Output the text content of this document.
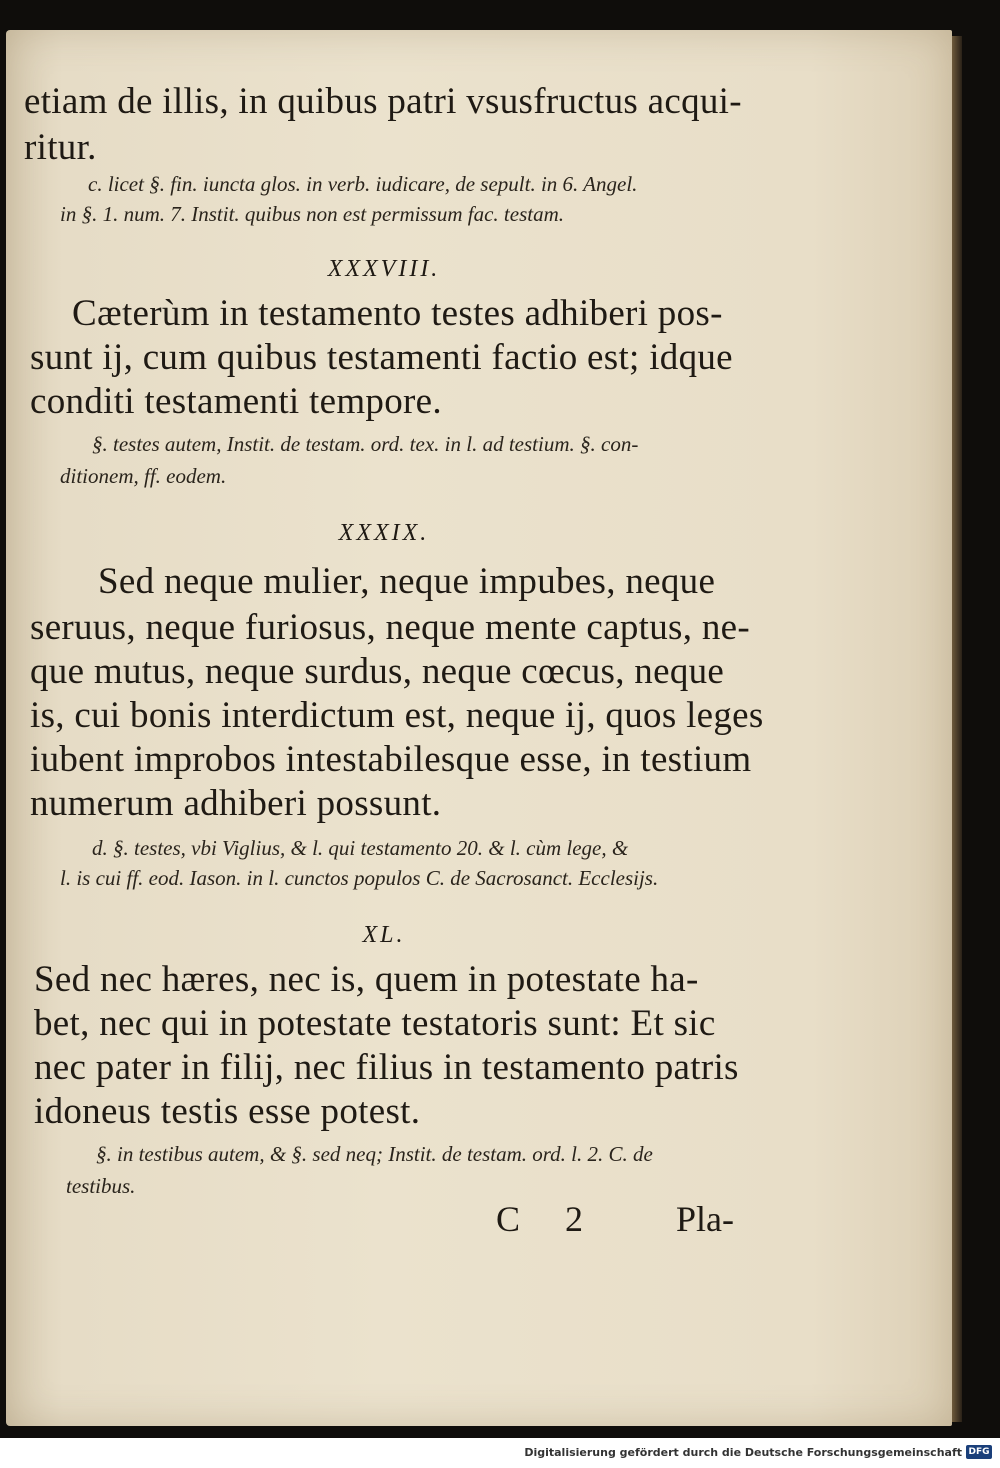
etiam de illis, in quibus patri vsusfructus acqui-

ritur.

c. licet §. fin. iuncta glos. in verb. iudicare, de sepult. in 6. Angel.

in §. 1. num. 7. Instit. quibus non est permissum fac. testam.

XXXVIII.

Cæterùm in testamento testes adhiberi pos-

sunt ij, cum quibus testamenti factio est; idque

conditi testamenti tempore.

§. testes autem, Instit. de testam. ord. tex. in l. ad testium. §. con-

ditionem, ff. eodem.

XXXIX.

Sed neque mulier, neque impubes, neque

seruus, neque furiosus, neque mente captus, ne-

que mutus, neque surdus, neque cœcus, neque

is, cui bonis interdictum est, neque ij, quos leges

iubent improbos intestabilesque esse, in testium

numerum adhiberi possunt.

d. §. testes, vbi Viglius, & l. qui testamento 20. & l. cùm lege, &

l. is cui ff. eod. Iason. in l. cunctos populos C. de Sacrosanct. Ecclesijs.

XL.

Sed nec hæres, nec is, quem in potestate ha-

bet, nec qui in potestate testatoris sunt: Et sic

nec pater in filij, nec filius in testamento patris

idoneus testis esse potest.

§. in testibus autem, & §. sed neq; Instit. de testam. ord. l. 2. C. de

testibus.

C 2	Pla-

Digitalisierung gefördert durch die Deutsche Forschungsgemeinschaft DFG
